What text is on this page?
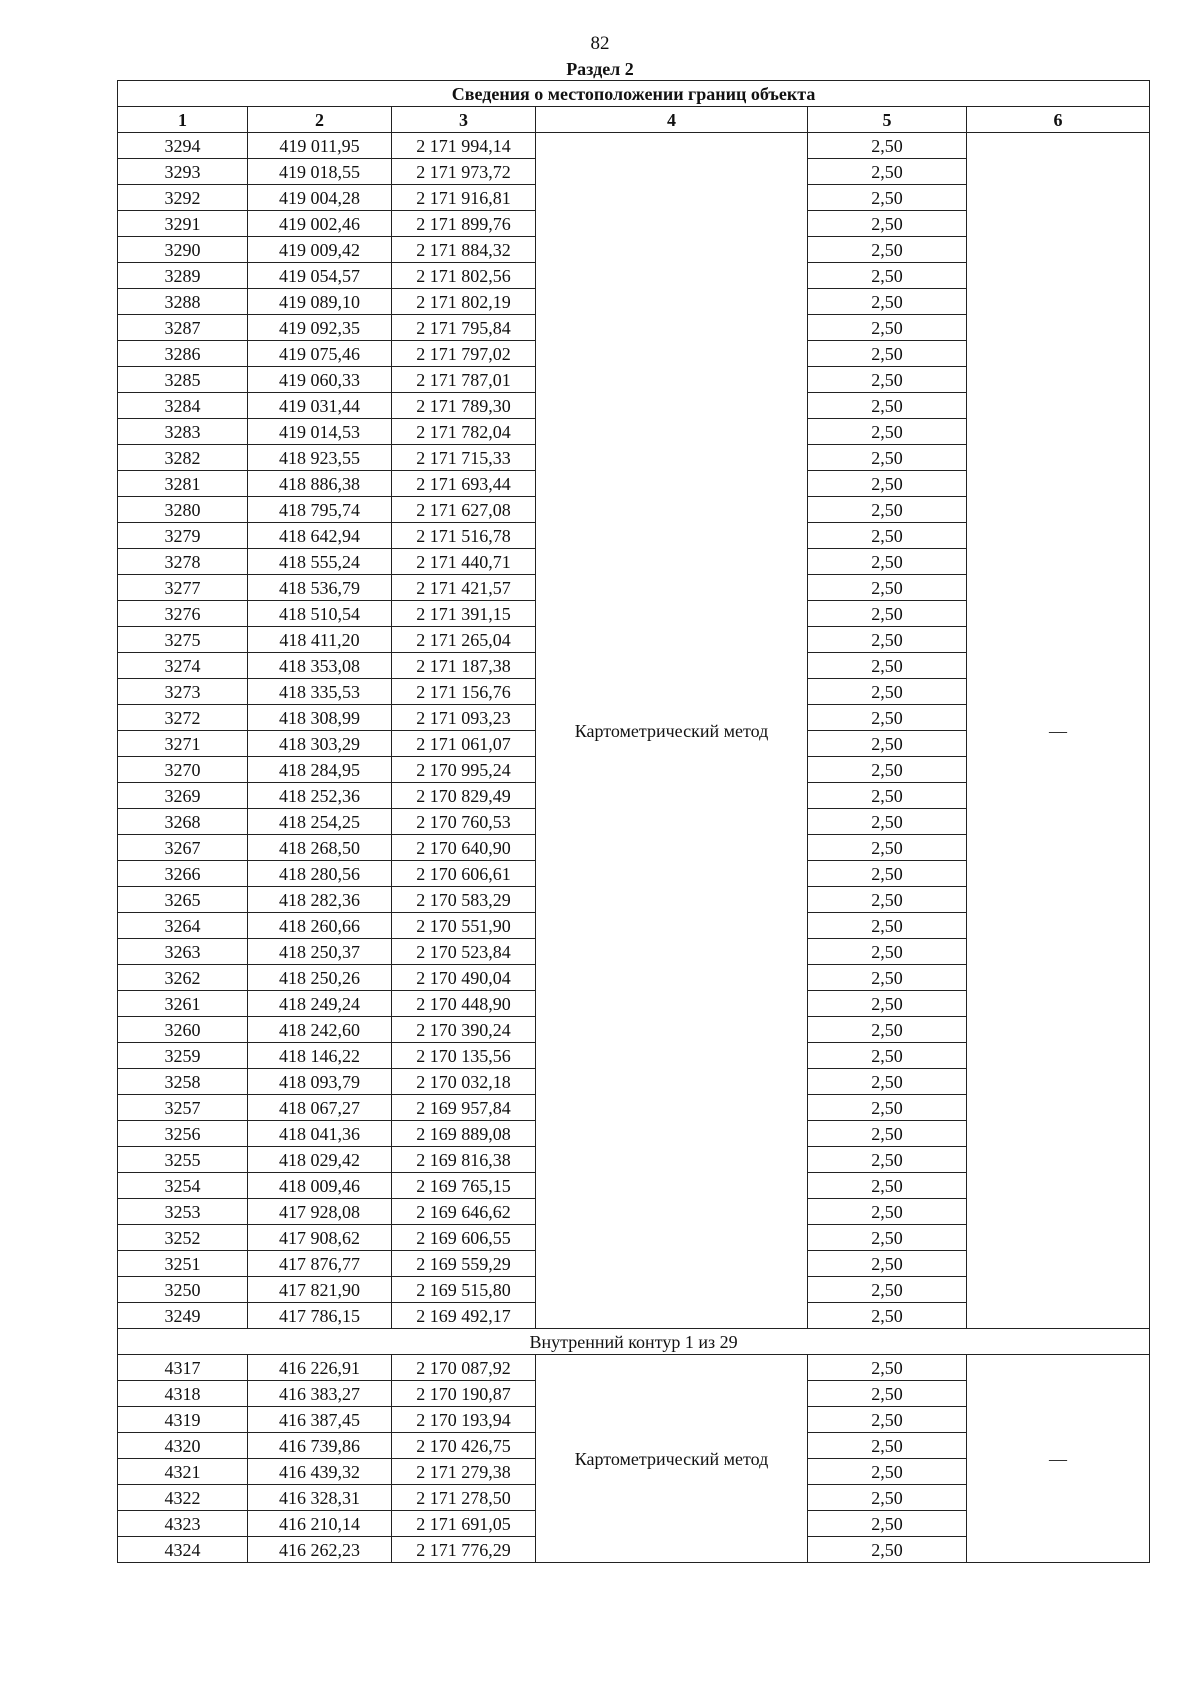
82
Раздел 2
Сведения о местоположении границ объекта					
1	2	3	4	5	6
3294	419 011,95	2 171 994,14	Картометрический метод	2,50	—
3293	419 018,55	2 171 973,72		2,50	
3292	419 004,28	2 171 916,81		2,50	
3291	419 002,46	2 171 899,76		2,50	
3290	419 009,42	2 171 884,32		2,50	
3289	419 054,57	2 171 802,56		2,50	
3288	419 089,10	2 171 802,19		2,50	
3287	419 092,35	2 171 795,84		2,50	
3286	419 075,46	2 171 797,02		2,50	
3285	419 060,33	2 171 787,01		2,50	
3284	419 031,44	2 171 789,30		2,50	
3283	419 014,53	2 171 782,04		2,50	
3282	418 923,55	2 171 715,33		2,50	
3281	418 886,38	2 171 693,44		2,50	
3280	418 795,74	2 171 627,08		2,50	
3279	418 642,94	2 171 516,78		2,50	
3278	418 555,24	2 171 440,71		2,50	
3277	418 536,79	2 171 421,57		2,50	
3276	418 510,54	2 171 391,15		2,50	
3275	418 411,20	2 171 265,04		2,50	
3274	418 353,08	2 171 187,38		2,50	
3273	418 335,53	2 171 156,76		2,50	
3272	418 308,99	2 171 093,23		2,50	
3271	418 303,29	2 171 061,07		2,50	
3270	418 284,95	2 170 995,24		2,50	
3269	418 252,36	2 170 829,49		2,50	
3268	418 254,25	2 170 760,53		2,50	
3267	418 268,50	2 170 640,90		2,50	
3266	418 280,56	2 170 606,61		2,50	
3265	418 282,36	2 170 583,29		2,50	
3264	418 260,66	2 170 551,90		2,50	
3263	418 250,37	2 170 523,84		2,50	
3262	418 250,26	2 170 490,04		2,50	
3261	418 249,24	2 170 448,90		2,50	
3260	418 242,60	2 170 390,24		2,50	
3259	418 146,22	2 170 135,56		2,50	
3258	418 093,79	2 170 032,18		2,50	
3257	418 067,27	2 169 957,84		2,50	
3256	418 041,36	2 169 889,08		2,50	
3255	418 029,42	2 169 816,38		2,50	
3254	418 009,46	2 169 765,15		2,50	
3253	417 928,08	2 169 646,62		2,50	
3252	417 908,62	2 169 606,55		2,50	
3251	417 876,77	2 169 559,29		2,50	
3250	417 821,90	2 169 515,80		2,50	
3249	417 786,15	2 169 492,17		2,50	
Внутренний контур 1 из 29					
4317	416 226,91	2 170 087,92	Картометрический метод	2,50	—
4318	416 383,27	2 170 190,87		2,50	
4319	416 387,45	2 170 193,94		2,50	
4320	416 739,86	2 170 426,75		2,50	
4321	416 439,32	2 171 279,38		2,50	
4322	416 328,31	2 171 278,50		2,50	
4323	416 210,14	2 171 691,05		2,50	
4324	416 262,23	2 171 776,29		2,50	
